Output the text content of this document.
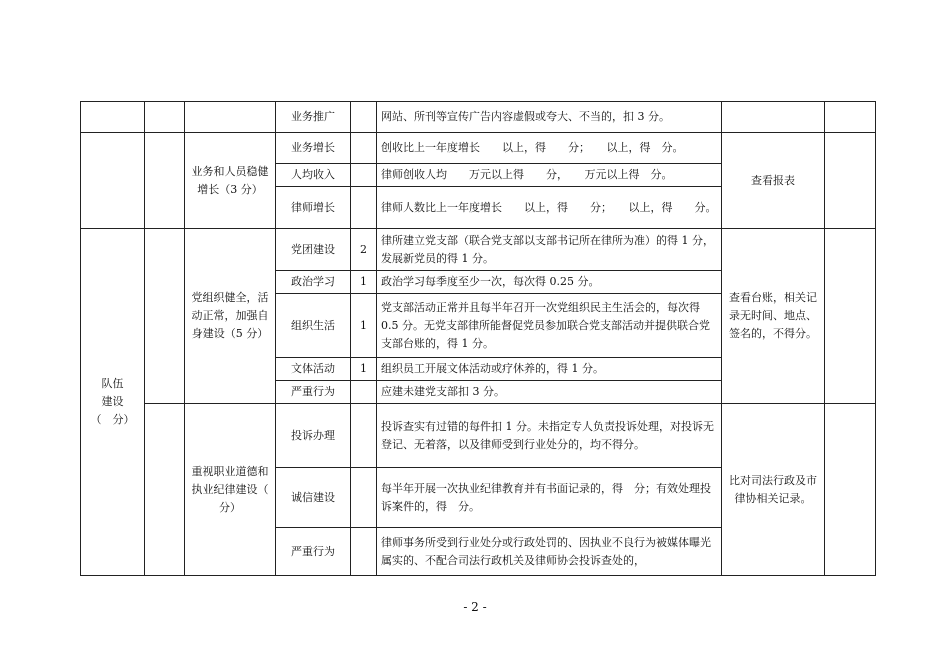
			业务推广		网站、所刊等宣传广告内容虚假或夸大、不当的，扣 3 分。		
		业务和人员稳健增长（3 分）	业务增长		创收比上一年度增长　　以上，得　　分；　　以上，得　分。	查看报表	
			人均收入		律师创收人均　　万元以上得　　分，　　万元以上得　分。		
			律师增长		律师人数比上一年度增长　　以上，得　　分；　　以上，得　　分。		

队伍
建设
（　分）		党组织健全，活动正常，加强自身建设（5 分）	党团建设	2	律所建立党支部（联合党支部以支部书记所在律所为准）的得 1 分，发展新党员的得 1 分。	查看台账，相关记录无时间、地点、签名的，不得分。	
			政治学习	1	政治学习每季度至少一次，每次得 0.25 分。		
			组织生活	1	党支部活动正常并且每半年召开一次党组织民主生活会的，每次得 0.5 分。无党支部律所能督促党员参加联合党支部活动并提供联合党支部台账的，得 1 分。		
			文体活动	1	组织员工开展文体活动或疗休养的，得 1 分。		
			严重行为		应建未建党支部扣 3 分。		
		重视职业道德和执业纪律建设（　分）	投诉办理		投诉查实有过错的每件扣 1 分。未指定专人负责投诉处理，对投诉无登记、无着落，以及律师受到行业处分的，均不得分。	比对司法行政及市律协相关记录。	
			诚信建设		每半年开展一次执业纪律教育并有书面记录的，得　分；有效处理投诉案件的，得　分。		
			严重行为		律师事务所受到行业处分或行政处罚的、因执业不良行为被媒体曝光属实的、不配合司法行政机关及律师协会投诉查处的，		
- 2 -
